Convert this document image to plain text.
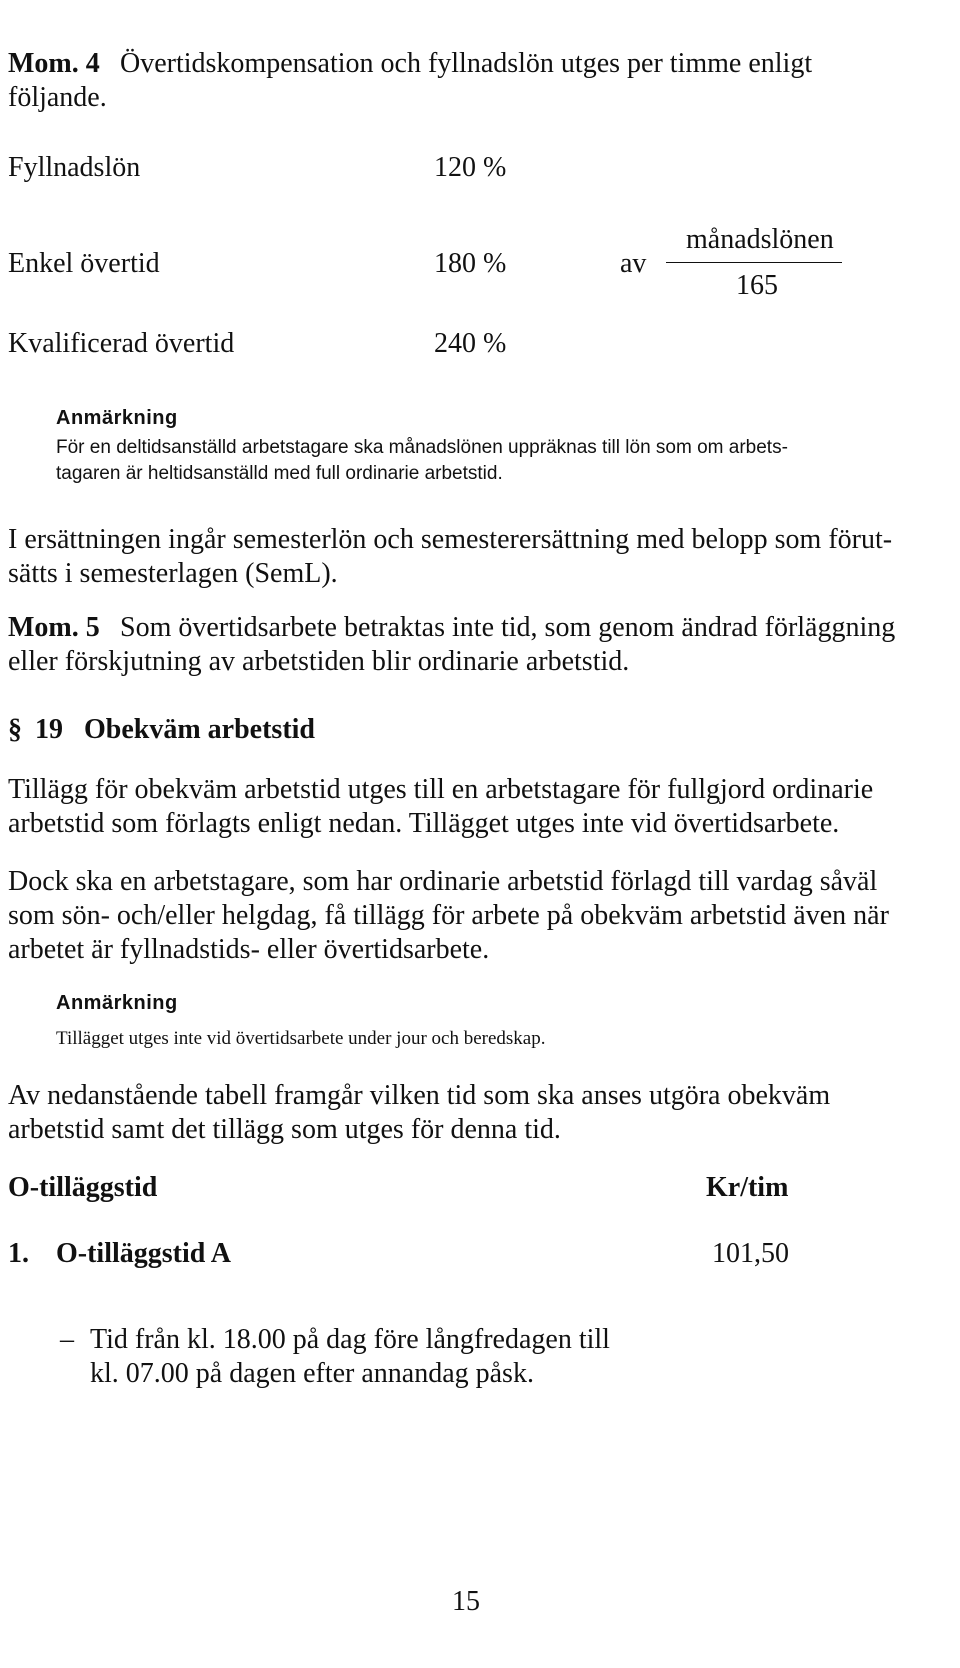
Mom. 4 Övertidskompensation och fyllnadslön utges per timme enligt
följande.
Fyllnadslön	120 %
Enkel övertid	180 %	av
månadslönen
165
Kvalificerad övertid	240 %
Anmärkning
För en deltidsanställd arbetstagare ska månadslönen uppräknas till lön som om arbets-
tagaren är heltidsanställd med full ordinarie arbetstid.
I ersättningen ingår semesterlön och semesterersättning med belopp som förut-
sätts i semesterlagen (SemL).
Mom. 5 Som övertidsarbete betraktas inte tid, som genom ändrad förläggning
eller förskjutning av arbetstiden blir ordinarie arbetstid.
§ 19 Obekväm arbetstid
Tillägg för obekväm arbetstid utges till en arbetstagare för fullgjord ordinarie
arbetstid som förlagts enligt nedan. Tillägget utges inte vid övertidsarbete.
Dock ska en arbetstagare, som har ordinarie arbetstid förlagd till vardag såväl
som sön- och/eller helgdag, få tillägg för arbete på obekväm arbetstid även när
arbetet är fyllnadstids- eller övertidsarbete.
Anmärkning
Tillägget utges inte vid övertidsarbete under jour och beredskap.
Av nedanstående tabell framgår vilken tid som ska anses utgöra obekväm
arbetstid samt det tillägg som utges för denna tid.
O-tilläggstid	Kr/tim
1. O-tilläggstid A	101,50
– Tid från kl. 18.00 på dag före långfredagen till
kl. 07.00 på dagen efter annandag påsk.
15
